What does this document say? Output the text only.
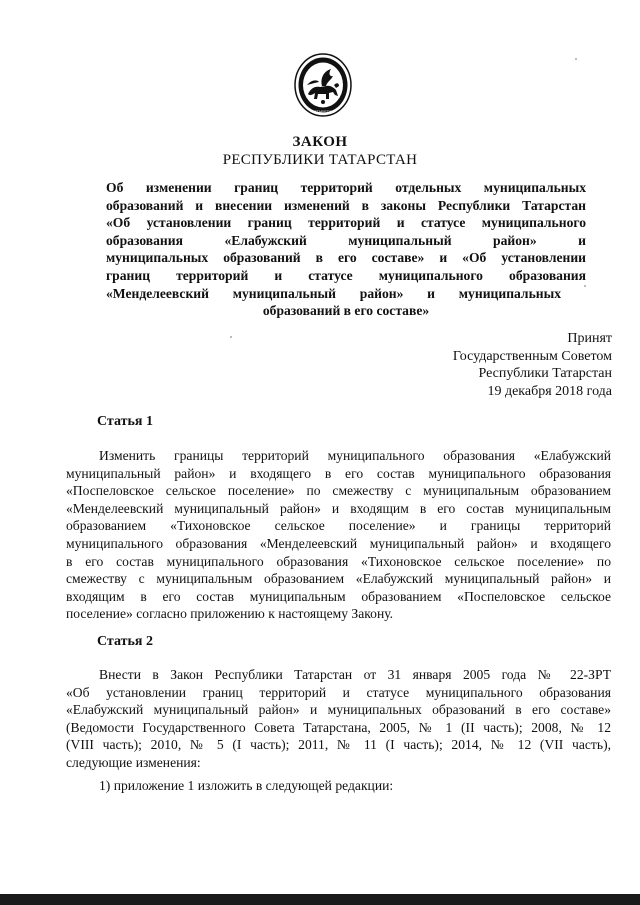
TATARSTAN
ЗАКОН
РЕСПУБЛИКИ ТАТАРСТАН
Об изменении границ территорий отдельных муниципальных
образований и внесении изменений в законы Республики Татарстан
«Об установлении границ территорий и статусе муниципального
образования «Елабужский муниципальный район» и
муниципальных образований в его составе» и «Об установлении
границ территорий и статусе муниципального образования
«Менделеевский муниципальный район» и муниципальных
образований в его составе»
Принят
Государственным Советом
Республики Татарстан
19 декабря 2018 года
Статья 1
Изменить границы территорий муниципального образования «Елабужский
муниципальный район» и входящего в его состав муниципального образования
«Поспеловское сельское поселение» по смежеству с муниципальным образованием
«Менделеевский муниципальный район» и входящим в его состав муниципальным
образованием «Тихоновское сельское поселение» и границы территорий
муниципального образования «Менделеевский муниципальный район» и входящего
в его состав муниципального образования «Тихоновское сельское поселение» по
смежеству с муниципальным образованием «Елабужский муниципальный район» и
входящим в его состав муниципальным образованием «Поспеловское сельское
поселение» согласно приложению к настоящему Закону.
Статья 2
Внести в Закон Республики Татарстан от 31 января 2005 года № 22-ЗРТ
«Об установлении границ территорий и статусе муниципального образования
«Елабужский муниципальный район» и муниципальных образований в его составе»
(Ведомости Государственного Совета Татарстана, 2005, № 1 (II часть); 2008, № 12
(VIII часть); 2010, № 5 (I часть); 2011, № 11 (I часть); 2014, № 12 (VII часть),
следующие изменения:
1) приложение 1 изложить в следующей редакции:
